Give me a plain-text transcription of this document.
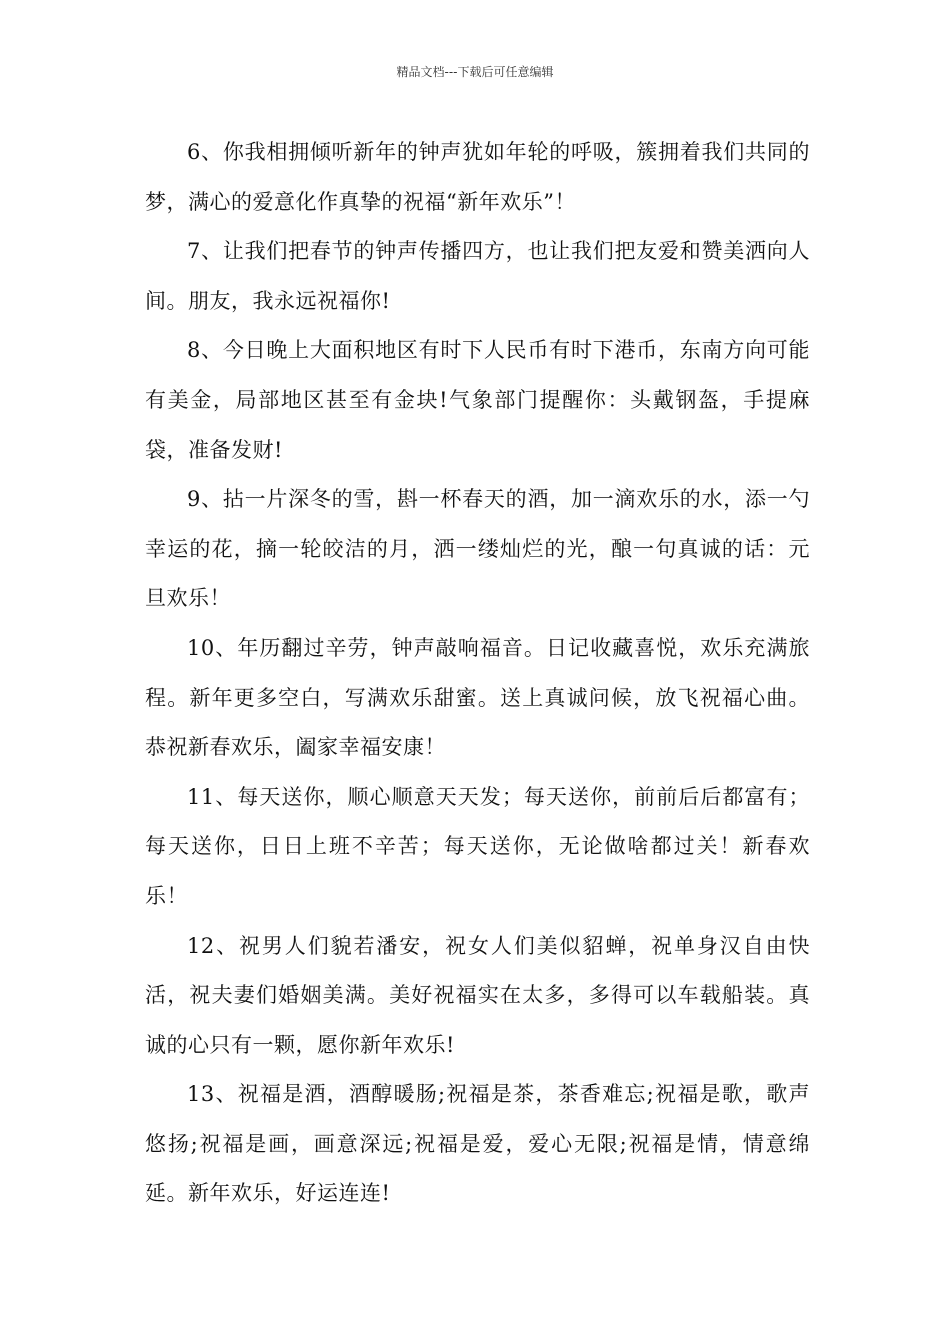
精品文档---下载后可任意编辑

6、你我相拥倾听新年的钟声犹如年轮的呼吸，簇拥着我们共同的梦，满心的爱意化作真挚的祝福“新年欢乐”！

7、让我们把春节的钟声传播四方，也让我们把友爱和赞美洒向人间。朋友，我永远祝福你!

8、今日晚上大面积地区有时下人民币有时下港币，东南方向可能有美金，局部地区甚至有金块!气象部门提醒你：头戴钢盔，手提麻袋，准备发财!

9、拈一片深冬的雪，斟一杯春天的酒，加一滴欢乐的水，添一勺幸运的花，摘一轮皎洁的月，洒一缕灿烂的光，酿一句真诚的话：元旦欢乐！

10、年历翻过辛劳，钟声敲响福音。日记收藏喜悦，欢乐充满旅程。新年更多空白，写满欢乐甜蜜。送上真诚问候，放飞祝福心曲。恭祝新春欢乐，阖家幸福安康！

11、每天送你，顺心顺意天天发；每天送你，前前后后都富有；每天送你，日日上班不辛苦；每天送你，无论做啥都过关！新春欢乐！

12、祝男人们貌若潘安，祝女人们美似貂蝉，祝单身汉自由快活，祝夫妻们婚姻美满。美好祝福实在太多，多得可以车载船装。真诚的心只有一颗，愿你新年欢乐!

13、祝福是酒，酒醇暖肠;祝福是茶，茶香难忘;祝福是歌，歌声悠扬;祝福是画，画意深远;祝福是爱，爱心无限;祝福是情，情意绵延。新年欢乐，好运连连!
